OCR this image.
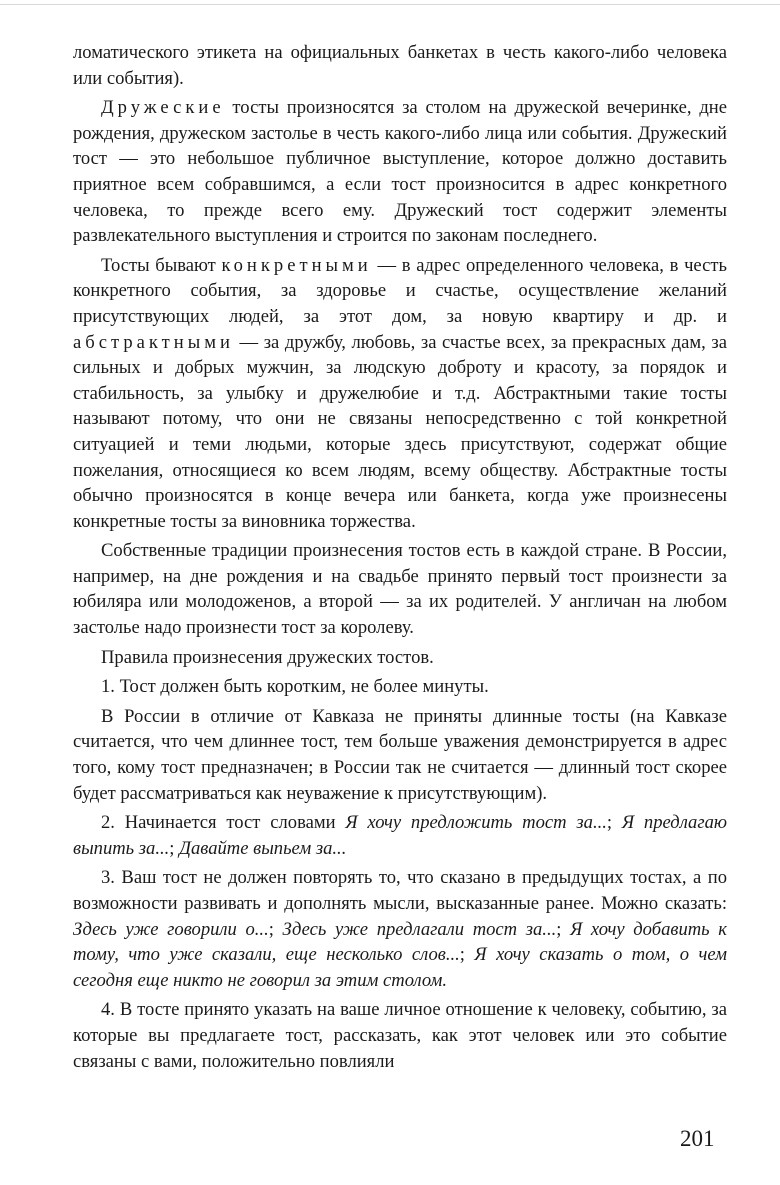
ломатического этикета на официальных банкетах в честь какого-либо человека или события).

Дружеские тосты произносятся за столом на дружеской вечеринке, дне рождения, дружеском застолье в честь какого-либо лица или события. Дружеский тост — это небольшое публичное выступление, которое должно доставить приятное всем собравшимся, а если тост произносится в адрес конкретного человека, то прежде всего ему. Дружеский тост содержит элементы развлекательного выступления и строится по законам последнего.

Тосты бывают конкретными — в адрес определенного человека, в честь конкретного события, за здоровье и счастье, осуществление желаний присутствующих людей, за этот дом, за новую квартиру и др. и абстрактными — за дружбу, любовь, за счастье всех, за прекрасных дам, за сильных и добрых мужчин, за людскую доброту и красоту, за порядок и стабильность, за улыбку и дружелюбие и т.д. Абстрактными такие тосты называют потому, что они не связаны непосредственно с той конкретной ситуацией и теми людьми, которые здесь присутствуют, содержат общие пожелания, относящиеся ко всем людям, всему обществу. Абстрактные тосты обычно произносятся в конце вечера или банкета, когда уже произнесены конкретные тосты за виновника торжества.

Собственные традиции произнесения тостов есть в каждой стране. В России, например, на дне рождения и на свадьбе принято первый тост произнести за юбиляра или молодоженов, а второй — за их родителей. У англичан на любом застолье надо произнести тост за королеву.

Правила произнесения дружеских тостов.

1. Тост должен быть коротким, не более минуты.

В России в отличие от Кавказа не приняты длинные тосты (на Кавказе считается, что чем длиннее тост, тем больше уважения демонстрируется в адрес того, кому тост предназначен; в России так не считается — длинный тост скорее будет рассматриваться как неуважение к присутствующим).

2. Начинается тост словами Я хочу предложить тост за...; Я предлагаю выпить за...; Давайте выпьем за...

3. Ваш тост не должен повторять то, что сказано в предыдущих тостах, а по возможности развивать и дополнять мысли, высказанные ранее. Можно сказать: Здесь уже говорили о...; Здесь уже предлагали тост за...; Я хочу добавить к тому, что уже сказали, еще несколько слов...; Я хочу сказать о том, о чем сегодня еще никто не говорил за этим столом.

4. В тосте принято указать на ваше личное отношение к человеку, событию, за которые вы предлагаете тост, рассказать, как этот человек или это событие связаны с вами, положительно повлияли

201
